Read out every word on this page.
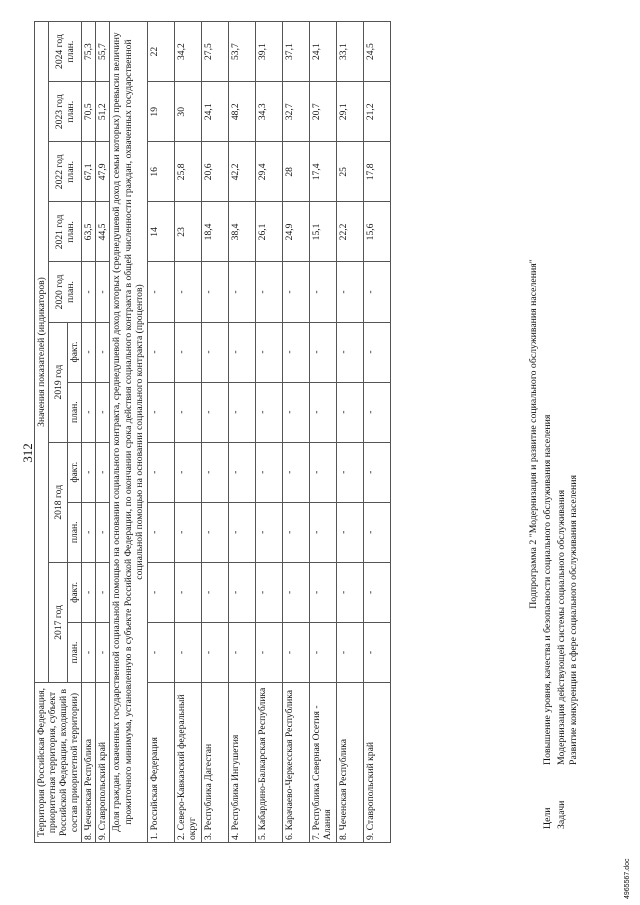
312
Территория (Российская Федерация, приоритетная территория, субъект Российской Федерации, входящий в состав приоритетной территории)	Значения показателей (индикаторов)										
	2017 год		2018 год		2019 год		2020 год план.	2021 год план.	2022 год план.	2023 год план.	2024 год план.
	план.	факт.	план.	факт.	план.	факт.					
8. Чеченская Республика	-	-	-	-	-	-	-	63,5	67,1	70,5	75,3
9. Ставропольский край	-	-	-	-	-	-	-	44,5	47,9	51,2	55,7
Доля граждан, охваченных государственной социальной помощью на основании социального контракта, среднедушевой доход которых (среднедушевой доход семьи которых) превысил величину прожиточного минимума, установленную в субъекте Российской Федерации, по окончании срока действия социального контракта в общей численности граждан, охваченных государственной социальной помощью на основании социального контракта (процентов)											
1. Российская Федерация	-	-	-	-	-	-	-	14	16	19	22
2. Северо-Кавказский федеральный округ	-	-	-	-	-	-	-	23	25,8	30	34,2
3. Республика Дагестан	-	-	-	-	-	-	-	18,4	20,6	24,1	27,5
4. Республика Ингушетия	-	-	-	-	-	-	-	38,4	42,2	48,2	53,7
5. Кабардино-Балкарская Республика	-	-	-	-	-	-	-	26,1	29,4	34,3	39,1
6. Карачаево-Черкесская Республика	-	-	-	-	-	-	-	24,9	28	32,7	37,1
7. Республика Северная Осетия - Алания	-	-	-	-	-	-	-	15,1	17,4	20,7	24,1
8. Чеченская Республика	-	-	-	-	-	-	-	22,2	25	29,1	33,1
9. Ставропольский край	-	-	-	-	-	-	-	15,6	17,8	21,2	24,5
Подпрограмма 2 "Модернизация и развитие социального обслуживания населения"
Цели	Повышение уровня, качества и безопасности социального обслуживания населения
Задачи	Модернизация действующей системы социального обслуживания Развитие конкуренции в сфере социального обслуживания населения
4965567.doc
